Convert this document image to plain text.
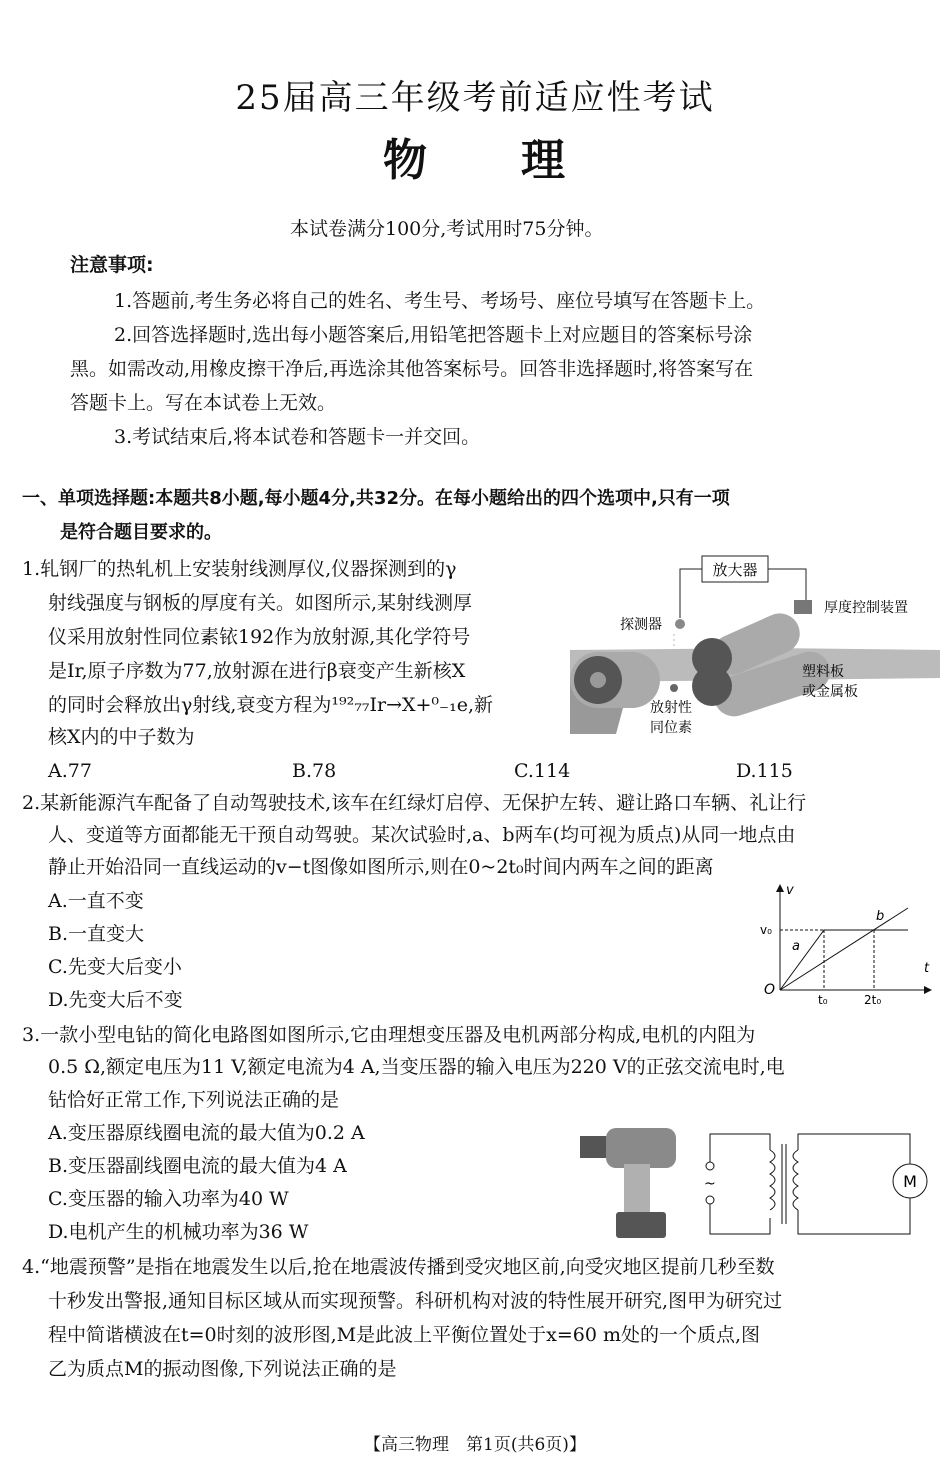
25届高三年级考前适应性考试
物 理
本试卷满分100分,考试用时75分钟。
注意事项:
1.答题前,考生务必将自己的姓名、考生号、考场号、座位号填写在答题卡上。
2.回答选择题时,选出每小题答案后,用铅笔把答题卡上对应题目的答案标号涂
黑。如需改动,用橡皮擦干净后,再选涂其他答案标号。回答非选择题时,将答案写在
答题卡上。写在本试卷上无效。
3.考试结束后,将本试卷和答题卡一并交回。
一、单项选择题:本题共8小题,每小题4分,共32分。在每小题给出的四个选项中,只有一项
是符合题目要求的。
1.轧钢厂的热轧机上安装射线测厚仪,仪器探测到的γ
射线强度与钢板的厚度有关。如图所示,某射线测厚
仪采用放射性同位素铱192作为放射源,其化学符号
是Ir,原子序数为77,放射源在进行β衰变产生新核X
的同时会释放出γ射线,衰变方程为¹⁹²₇₇Ir→X+⁰₋₁e,新
核X内的中子数为
A.77	B.78	C.114	D.115
放大器
厚度控制装置
探测器
塑料板
或金属板
放射性
同位素
2.某新能源汽车配备了自动驾驶技术,该车在红绿灯启停、无保护左转、避让路口车辆、礼让行
人、变道等方面都能无干预自动驾驶。某次试验时,a、b两车(均可视为质点)从同一地点由
静止开始沿同一直线运动的v−t图像如图所示,则在0~2t₀时间内两车之间的距离
A.一直不变
B.一直变大
C.先变大后变小
D.先变大后不变
v
t
O
v₀
a
b
t₀	2t₀
3.一款小型电钻的简化电路图如图所示,它由理想变压器及电机两部分构成,电机的内阻为
0.5 Ω,额定电压为11 V,额定电流为4 A,当变压器的输入电压为220 V的正弦交流电时,电
钻恰好正常工作,下列说法正确的是
A.变压器原线圈电流的最大值为0.2 A
B.变压器副线圈电流的最大值为4 A
C.变压器的输入功率为40 W
D.电机产生的机械功率为36 W
~	M
4.“地震预警”是指在地震发生以后,抢在地震波传播到受灾地区前,向受灾地区提前几秒至数
十秒发出警报,通知目标区域从而实现预警。科研机构对波的特性展开研究,图甲为研究过
程中简谐横波在t=0时刻的波形图,M是此波上平衡位置处于x=60 m处的一个质点,图
乙为质点M的振动图像,下列说法正确的是
【高三物理　第1页(共6页)】
